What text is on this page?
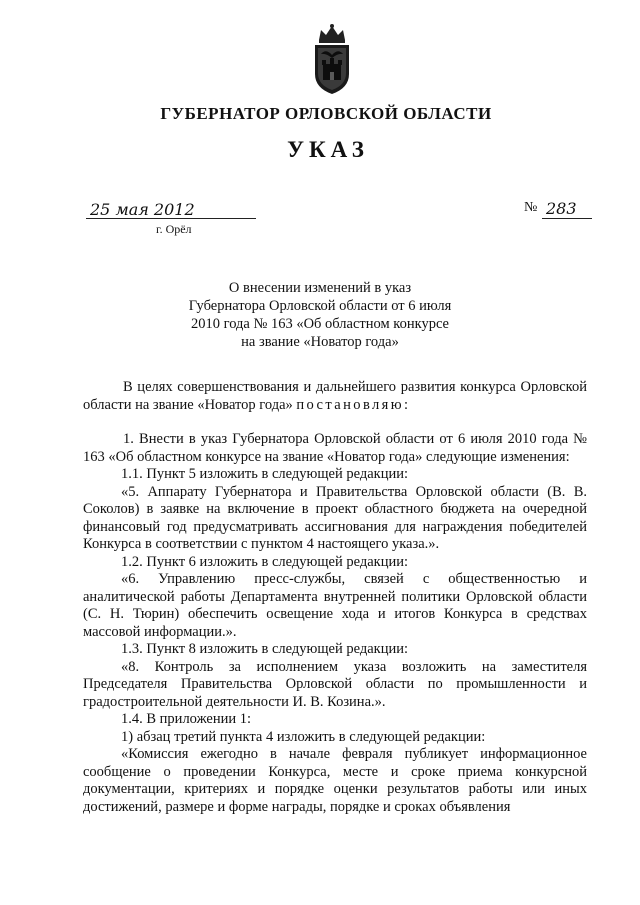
ГУБЕРНАТОР ОРЛОВСКОЙ ОБЛАСТИ
УКАЗ
25 мая 2012
г. Орёл
№ 283
О внесении изменений в указ
Губернатора Орловской области от 6 июля
2010 года № 163 «Об областном конкурсе
на звание «Новатор года»

В целях совершенствования и дальнейшего развития конкурса Орловской области на звание «Новатор года» постановляю:

1. Внести в указ Губернатора Орловской области от 6 июля 2010 года № 163 «Об областном конкурсе на звание «Новатор года» следующие изменения:

1.1. Пункт 5 изложить в следующей редакции:

«5. Аппарату Губернатора и Правительства Орловской области (В. В. Соколов) в заявке на включение в проект областного бюджета на очередной финансовый год предусматривать ассигнования для награждения победителей Конкурса в соответствии с пунктом 4 настоящего указа.».

1.2. Пункт 6 изложить в следующей редакции:

«6. Управлению пресс-службы, связей с общественностью и аналитической работы Департамента внутренней политики Орловской области (С. Н. Тюрин) обеспечить освещение хода и итогов Конкурса в средствах массовой информации.».

1.3. Пункт 8 изложить в следующей редакции:

«8. Контроль за исполнением указа возложить на заместителя Председателя Правительства Орловской области по промышленности и градостроительной деятельности И. В. Козина.».

1.4. В приложении 1:

1) абзац третий пункта 4 изложить в следующей редакции:

«Комиссия ежегодно в начале февраля публикует информационное сообщение о проведении Конкурса, месте и сроке приема конкурсной документации, критериях и порядке оценки результатов работы или иных достижений, размере и форме награды, порядке и сроках объявления
